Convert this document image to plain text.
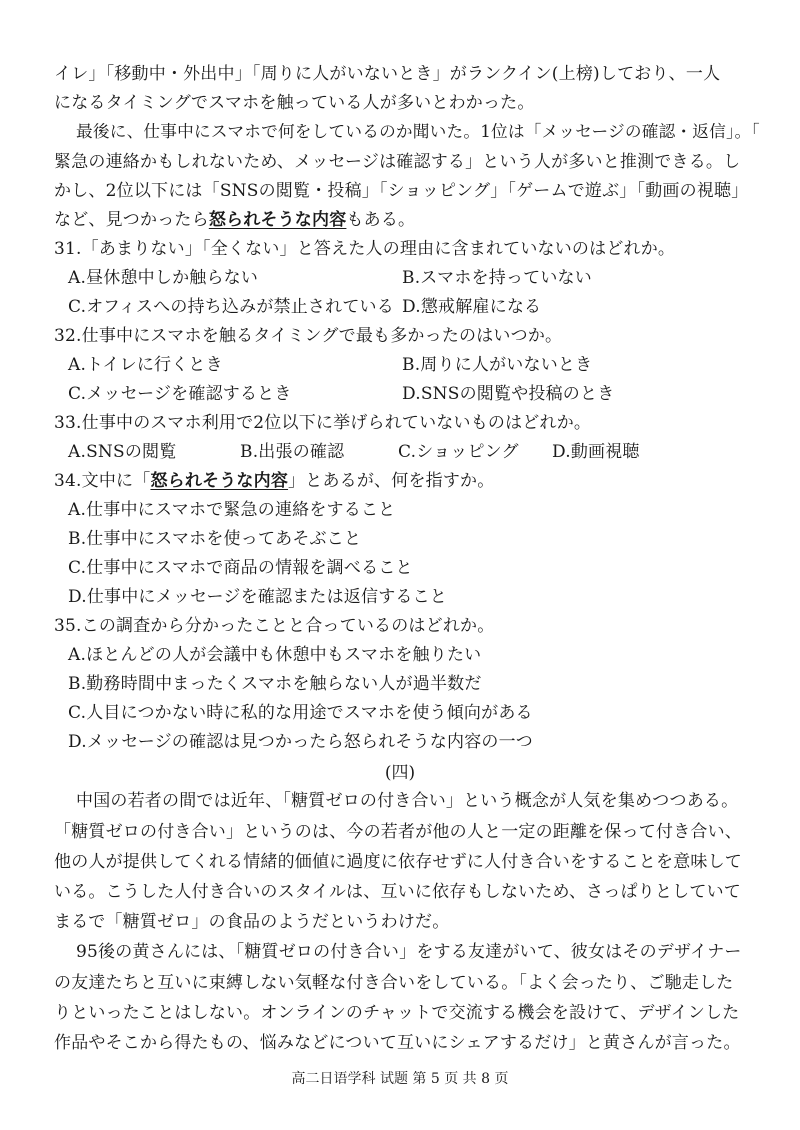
イレ」「移動中・外出中」「周りに人がいないとき」がランクイン(上榜)しており、一人
になるタイミングでスマホを触っている人が多いとわかった。
最後に、仕事中にスマホで何をしているのか聞いた。1位は「メッセージの確認・返信」。「
緊急の連絡かもしれないため、メッセージは確認する」という人が多いと推測できる。し
かし、2位以下には「SNSの閲覧・投稿」「ショッピング」「ゲームで遊ぶ」「動画の視聴」
など、見つかったら怒られそうな内容もある。
31.「あまりない」「全くない」と答えた人の理由に含まれていないのはどれか。
A.昼休憩中しか触らない	B.スマホを持っていない
C.オフィスへの持ち込みが禁止されている D.懲戒解雇になる
32.仕事中にスマホを触るタイミングで最も多かったのはいつか。
A.トイレに行くとき	B.周りに人がいないとき
C.メッセージを確認するとき	D.SNSの閲覧や投稿のとき
33.仕事中のスマホ利用で2位以下に挙げられていないものはどれか。
A.SNSの閲覧	B.出張の確認	C.ショッピング D.動画視聴
34.文中に「怒られそうな内容」とあるが、何を指すか。
A.仕事中にスマホで緊急の連絡をすること
B.仕事中にスマホを使ってあそぶこと
C.仕事中にスマホで商品の情報を調べること
D.仕事中にメッセージを確認または返信すること
35.この調査から分かったことと合っているのはどれか。
A.ほとんどの人が会議中も休憩中もスマホを触りたい
B.勤務時間中まったくスマホを触らない人が過半数だ
C.人目につかない時に私的な用途でスマホを使う傾向がある
D.メッセージの確認は見つかったら怒られそうな内容の一つ
(四)
中国の若者の間では近年、「糖質ゼロの付き合い」という概念が人気を集めつつある。
「糖質ゼロの付き合い」というのは、今の若者が他の人と一定の距離を保って付き合い、
他の人が提供してくれる情緒的価値に過度に依存せずに人付き合いをすることを意味して
いる。こうした人付き合いのスタイルは、互いに依存もしないため、さっぱりとしていて
まるで「糖質ゼロ」の食品のようだというわけだ。
95後の黄さんには、「糖質ゼロの付き合い」をする友達がいて、彼女はそのデザイナー
の友達たちと互いに束縛しない気軽な付き合いをしている。「よく会ったり、ご馳走した
りといったことはしない。オンラインのチャットで交流する機会を設けて、デザインした
作品やそこから得たもの、悩みなどについて互いにシェアするだけ」と黄さんが言った。
高二日语学科 试题 第 5 页 共 8 页
